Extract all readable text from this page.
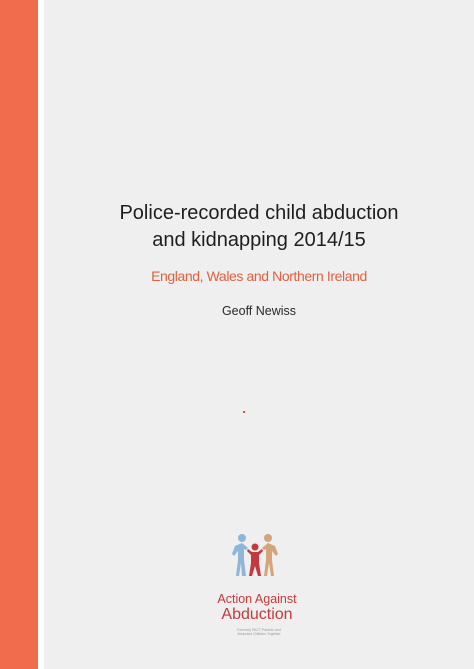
Police-recorded child abduction
and kidnapping 2014/15

England, Wales and Northern Ireland

Geoff Newiss

Action Against
Abduction
Formerly PACT Parents and Abducted Children Together
